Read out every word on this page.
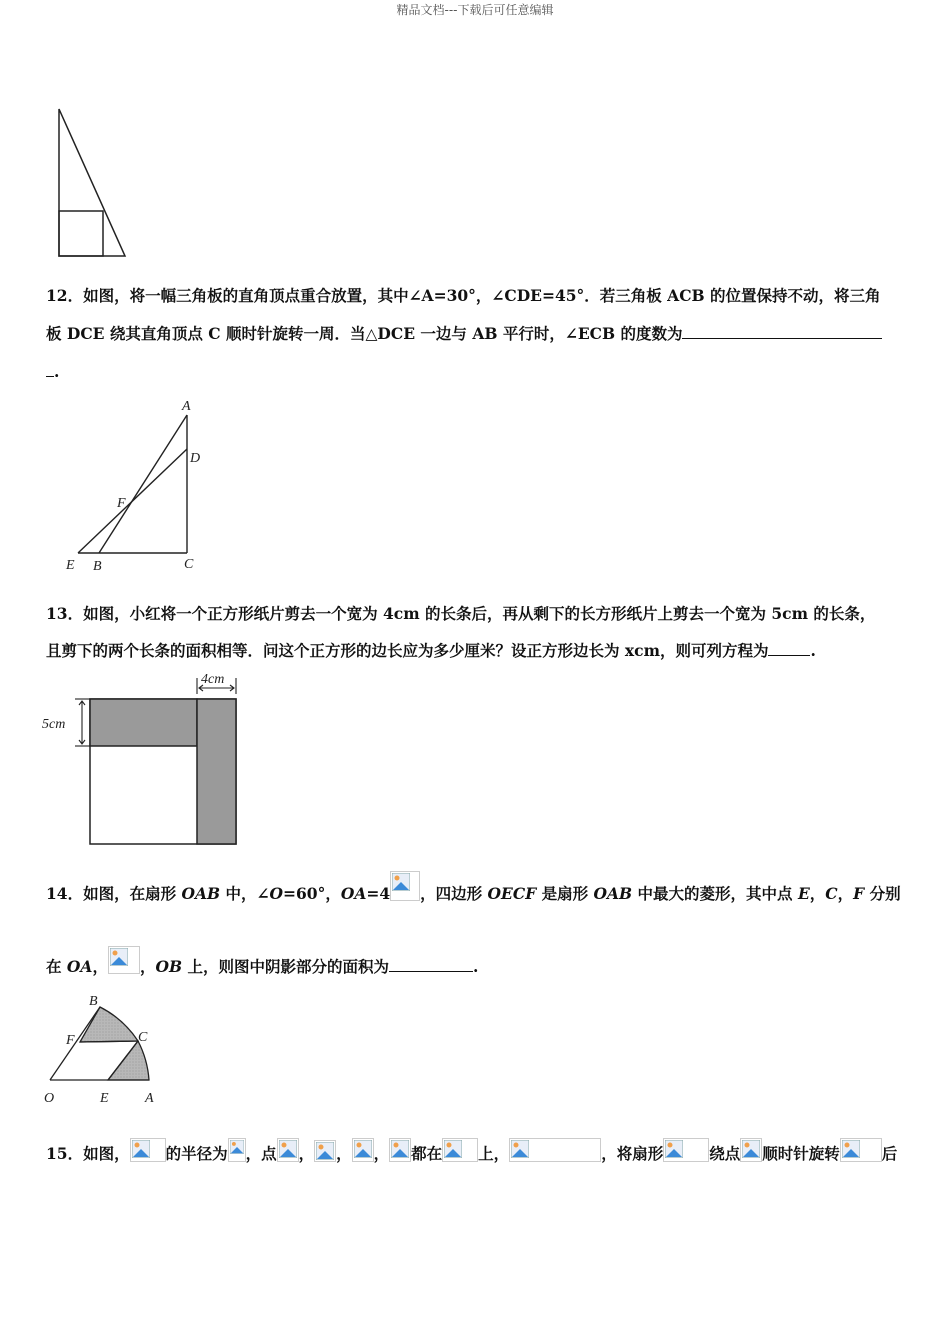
精品文档---下载后可任意编辑
12．如图，将一幅三角板的直角顶点重合放置，其中∠A=30°，∠CDE=45°．若三角板 ACB 的位置保持不动，将三角
板 DCE 绕其直角顶点 C 顺时针旋转一周．当△DCE 一边与 AB 平行时，∠ECB 的度数为
.
A
D
F
E B	C
13．如图，小红将一个正方形纸片剪去一个宽为 4cm 的长条后，再从剩下的长方形纸片上剪去一个宽为 5cm 的长条，
且剪下的两个长条的面积相等．问这个正方形的边长应为多少厘米？设正方形边长为 xcm，则可列方程为	.
4cm
5cm
14．如图，在扇形 OAB 中，∠O=60°，OA=4 ，四边形 OECF 是扇形 OAB 中最大的菱形，其中点 E，C，F 分别
在 OA， ，OB 上，则图中阴影部分的面积为	.
B
F	C
O	E	A
15．如图， 的半径为 ，点 ， ， ， 都在 上，	，将扇形	绕点 顺时针旋转	后
